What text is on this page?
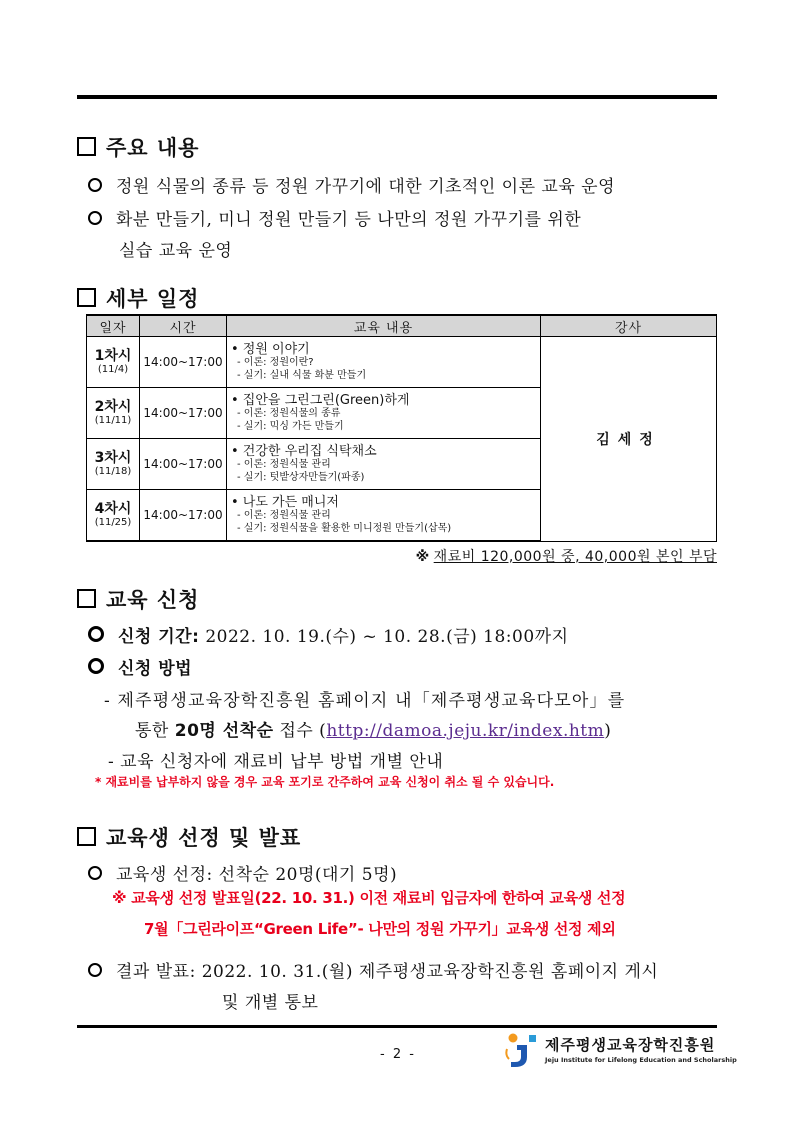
주요 내용
정원 식물의 종류 등 정원 가꾸기에 대한 기초적인 이론 교육 운영
화분 만들기, 미니 정원 만들기 등 나만의 정원 가꾸기를 위한
실습 교육 운영
세부 일정
일자	시간	교육 내용	강사

1차시
(11/4)	14:00~17:00	• 정원 이야기
- 이론: 정원이란?
- 실기: 실내 식물 화분 만들기	김세정

2차시
(11/11)	14:00~17:00	• 집안을 그린그린(Green)하게
- 이론: 정원식물의 종류
- 실기: 믹싱 가든 만들기	

3차시
(11/18)	14:00~17:00	• 건강한 우리집 식탁채소
- 이론: 정원식물 관리
- 실기: 텃밭상자만들기(파종)	

4차시
(11/25)	14:00~17:00	• 나도 가든 매니저
- 이론: 정원식물 관리
- 실기: 정원식물을 활용한 미니정원 만들기(삽목)	
※ 재료비 120,000원 중, 40,000원 본인 부담
교육 신청
신청 기간: 2022. 10. 19.(수) ~ 10. 28.(금) 18:00까지
신청 방법
- 제주평생교육장학진흥원 홈페이지 내「제주평생교육다모아」를
통한 20명 선착순 접수 (http://damoa.jeju.kr/index.htm)
- 교육 신청자에 재료비 납부 방법 개별 안내
* 재료비를 납부하지 않을 경우 교육 포기로 간주하여 교육 신청이 취소 될 수 있습니다.
교육생 선정 및 발표
교육생 선정: 선착순 20명(대기 5명)
※ 교육생 선정 발표일(22. 10. 31.) 이전 재료비 입금자에 한하여 교육생 선정
7월「그린라이프“Green Life”- 나만의 정원 가꾸기」교육생 선정 제외
결과 발표: 2022. 10. 31.(월) 제주평생교육장학진흥원 홈페이지 게시
및 개별 통보
- 2 -
제주평생교육장학진흥원
Jeju Institute for Lifelong Education and Scholarship
